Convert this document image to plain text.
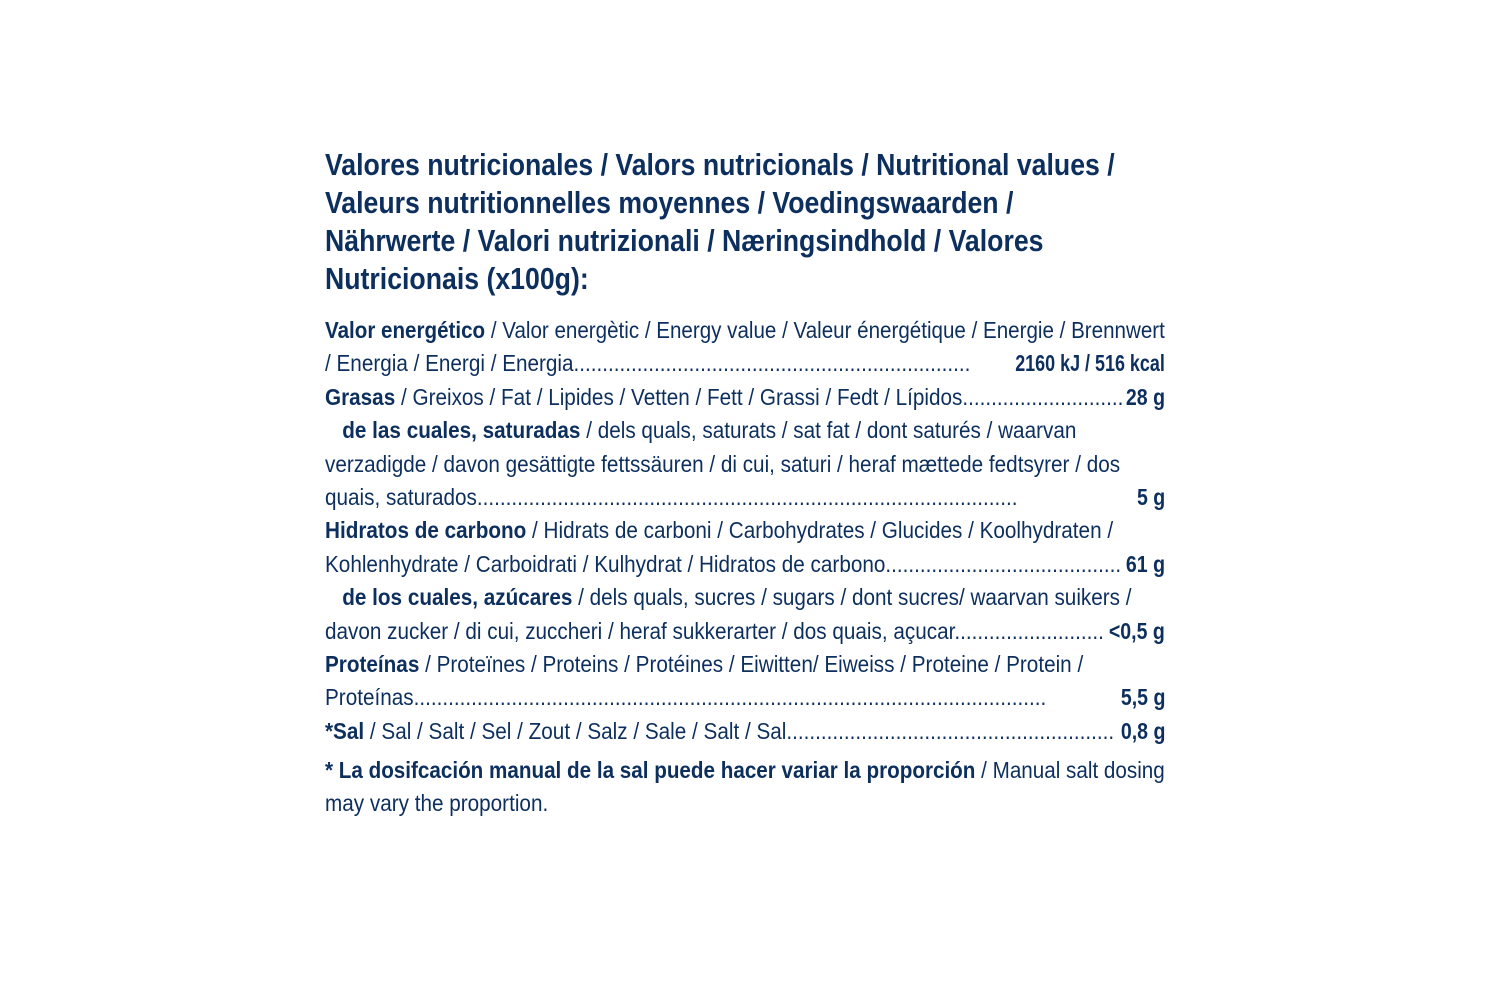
Valores nutricionales / Valors nutricionals / Nutritional values /
Valeurs nutritionnelles moyennes / Voedingswaarden /
Nährwerte / Valori nutrizionali / Næringsindhold / Valores
Nutricionais (x100g):
Valor energético / Valor energètic / Energy value / Valeur énergétique / Energie / Brennwert
/ Energia / Energi / Energia..................................................................... 2160 kJ / 516 kcal
Grasas / Greixos / Fat / Lipides / Vetten / Fett / Grassi / Fedt / Lípidos............................ 28 g
de las cuales, saturadas / dels quals, saturats / sat fat / dont saturés / waarvan
verzadigde / davon gesättigte fettssäuren / di cui, saturi / heraf mættede fedtsyrer / dos
quais, saturados..............................................................................................	5 g
Hidratos de carbono / Hidrats de carboni / Carbohydrates / Glucides / Koolhydraten /
Kohlenhydrate / Carboidrati / Kulhydrat / Hidratos de carbono......................................... 61 g
de los cuales, azúcares / dels quals, sucres / sugars / dont sucres/ waarvan suikers /
davon zucker / di cui, zuccheri / heraf sukkerarter / dos quais, açucar.......................... <0,5 g
Proteínas / Proteïnes / Proteins / Protéines / Eiwitten/ Eiweiss / Proteine / Protein /
Proteínas..............................................................................................................	5,5 g
*Sal / Sal / Salt / Sel / Zout / Salz / Sale / Salt / Sal......................................................... 0,8 g
* La dosifcación manual de la sal puede hacer variar la proporción / Manual salt dosing
may vary the proportion.
